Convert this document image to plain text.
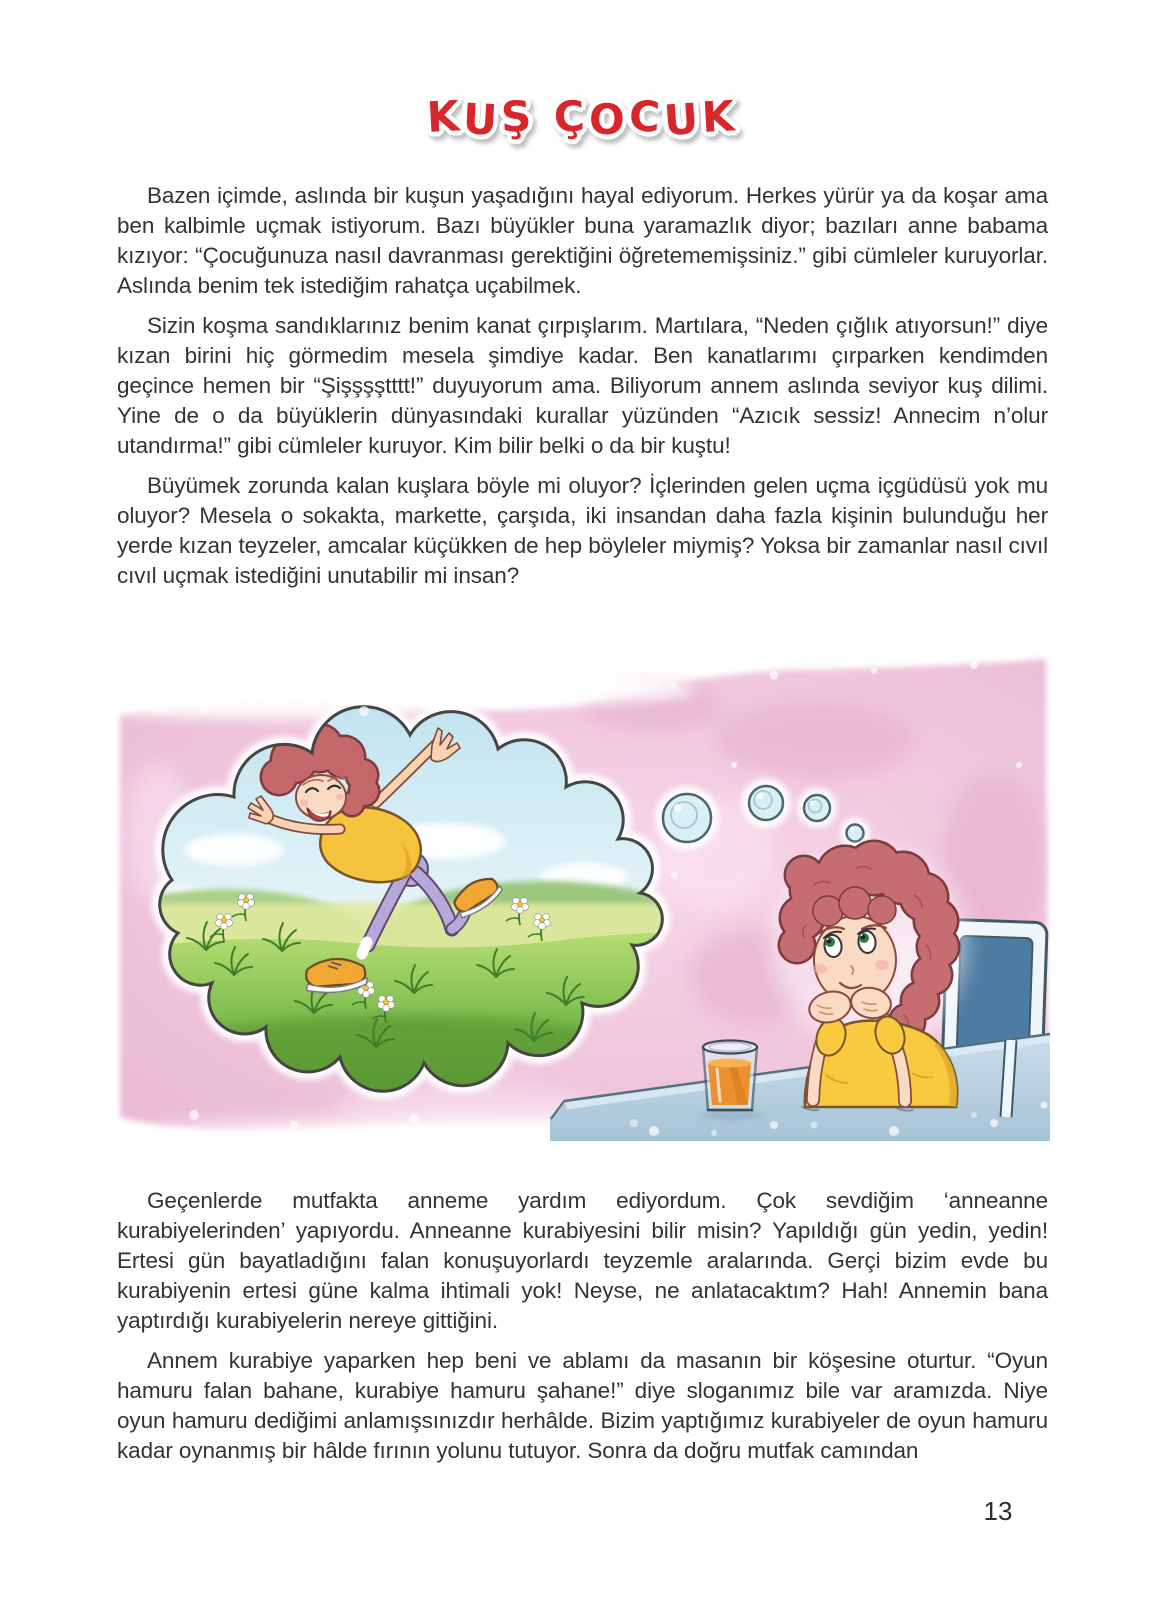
KUŞ ÇOCUK

Bazen içimde, aslında bir kuşun yaşadığını hayal ediyorum. Herkes yürür ya da koşar ama ben kalbimle uçmak istiyorum. Bazı büyükler buna yaramazlık diyor; bazıları anne babama kızıyor: “Çocuğunuza nasıl davranması gerektiğini öğretememişsiniz.” gibi cümleler kuruyorlar. Aslında benim tek istediğim rahatça uçabilmek.

Sizin koşma sandıklarınız benim kanat çırpışlarım. Martılara, “Neden çığlık atıyorsun!” diye kızan birini hiç görmedim mesela şimdiye kadar. Ben kanatlarımı çırparken kendimden geçince hemen bir “Şişşşştttt!” duyuyorum ama. Biliyorum annem aslında seviyor kuş dilimi. Yine de o da büyüklerin dünyasındaki kurallar yüzünden “Azıcık sessiz! Annecim n’olur utandırma!” gibi cümleler kuruyor. Kim bilir belki o da bir kuştu!

Büyümek zorunda kalan kuşlara böyle mi oluyor? İçlerinden gelen uçma içgüdüsü yok mu oluyor? Mesela o sokakta, markette, çarşıda, iki insandan daha fazla kişinin bulunduğu her yerde kızan teyzeler, amcalar küçükken de hep böyleler miymiş? Yoksa bir zamanlar nasıl cıvıl cıvıl uçmak istediğini unutabilir mi insan?

Geçenlerde mutfakta anneme yardım ediyordum. Çok sevdiğim ‘anneanne kurabiyelerinden’ yapıyordu. Anneanne kurabiyesini bilir misin? Yapıldığı gün yedin, yedin! Ertesi gün bayatladığını falan konuşuyorlardı teyzemle aralarında. Gerçi bizim evde bu kurabiyenin ertesi güne kalma ihtimali yok! Neyse, ne anlatacaktım? Hah! Annemin bana yaptırdığı kurabiyelerin nereye gittiğini.

Annem kurabiye yaparken hep beni ve ablamı da masanın bir köşesine oturtur. “Oyun hamuru falan bahane, kurabiye hamuru şahane!” diye sloganımız bile var aramızda. Niye oyun hamuru dediğimi anlamışsınızdır herhâlde. Bizim yaptığımız kurabiyeler de oyun hamuru kadar oynanmış bir hâlde fırının yolunu tutuyor. Sonra da doğru mutfak camından

13
